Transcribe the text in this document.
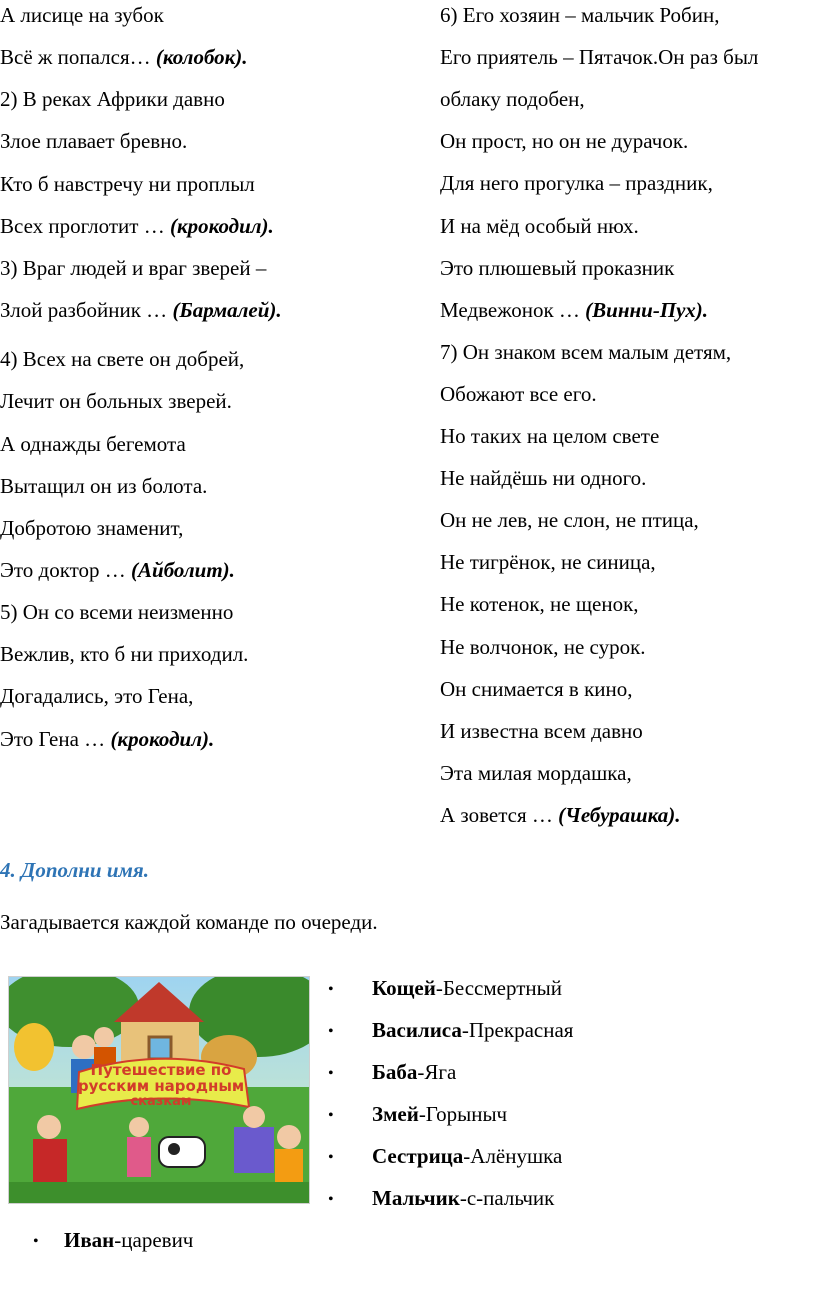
А лисице на зубок
Всё ж попался… (колобок).
2) В реках Африки давно
Злое плавает бревно.
Кто б навстречу ни проплыл
Всех проглотит … (крокодил).
3) Враг людей и враг зверей –
Злой разбойник … (Бармалей).
4) Всех на свете он добрей,
Лечит он больных зверей.
А однажды бегемота
Вытащил он из болота.
Добротою знаменит,
Это доктор … (Айболит).
5) Он со всеми неизменно
Вежлив, кто б ни приходил.
Догадались, это Гена,
Это Гена … (крокодил).
6) Его хозяин – мальчик Робин,
Его приятель – Пятачок.Он раз был
облаку подобен,
Он прост, но он не дурачок.
Для него прогулка – праздник,
И на мёд особый нюх.
Это плюшевый проказник
Медвежонок … (Винни-Пух).
7) Он знаком всем малым детям,
Обожают все его.
Но таких на целом свете
Не найдёшь ни одного.
Он не лев, не слон, не птица,
Не тигрёнок, не синица,
Не котенок, не щенок,
Не волчонок, не сурок.
Он снимается в кино,
И известна всем давно
Эта милая мордашка,
А зовется … (Чебурашка).
4. Дополни имя.
Загадывается каждой команде по очереди.
Путешествие по
русским народным
сказкам
• Кощей-Бессмертный
• Василиса-Прекрасная
• Баба-Яга
• Змей-Горыныч
• Сестрица-Алёнушка
• Мальчик-с-пальчик
• Иван-царевич
